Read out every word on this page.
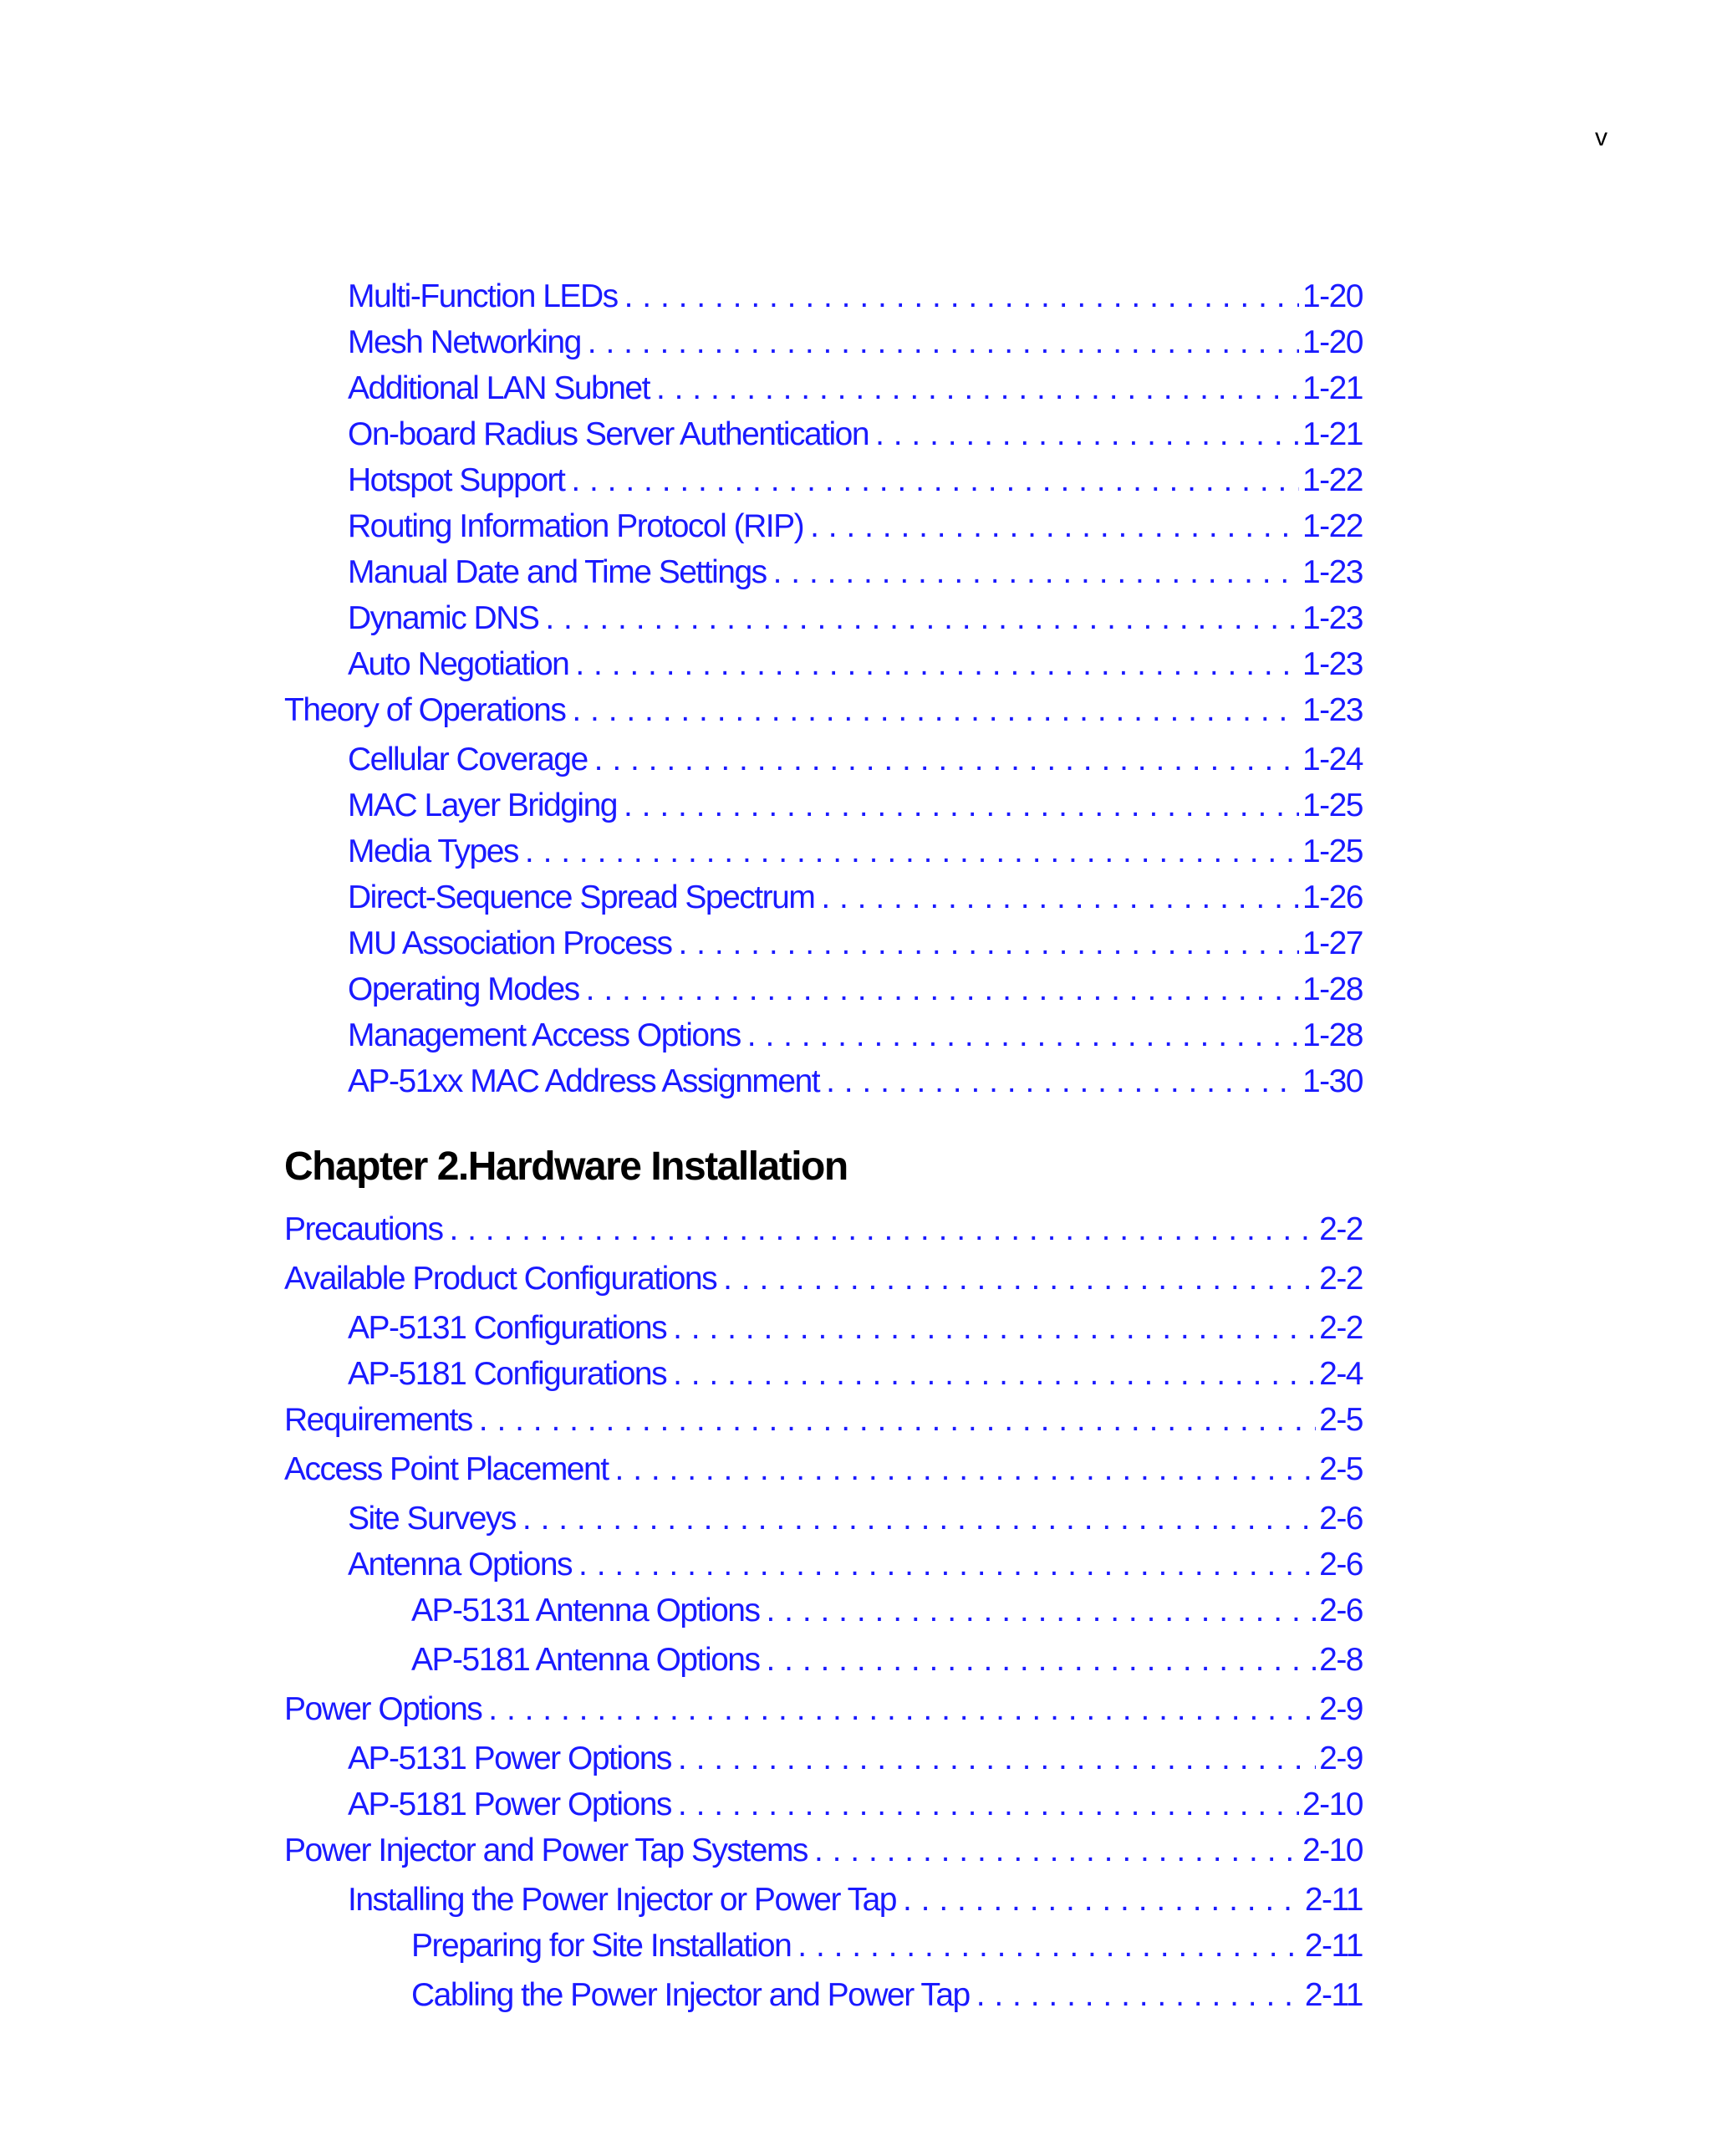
v
Multi-Function LEDs . . .	1-20
Mesh Networking . . .	1-20
Additional LAN Subnet . . .	1-21
On-board Radius Server Authentication . . .	1-21
Hotspot Support . . .	1-22
Routing Information Protocol (RIP) . . .	1-22
Manual Date and Time Settings . . .	1-23
Dynamic DNS . . .	1-23
Auto Negotiation . . .	1-23
Theory of Operations . . .	1-23
Cellular Coverage . . .	1-24
MAC Layer Bridging . . .	1-25
Media Types . . .	1-25
Direct-Sequence Spread Spectrum . . .	1-26
MU Association Process . . .	1-27
Operating Modes . . .	1-28
Management Access Options . . .	1-28
AP-51xx MAC Address Assignment . . .	1-30
Chapter 2.Hardware Installation
Precautions . . .	2-2
Available Product Configurations . . .	2-2
AP-5131 Configurations . . .	2-2
AP-5181 Configurations . . .	2-4
Requirements . . .	2-5
Access Point Placement . . .	2-5
Site Surveys . . .	2-6
Antenna Options . . .	2-6
AP-5131 Antenna Options . . .	2-6
AP-5181 Antenna Options . . .	2-8
Power Options . . .	2-9
AP-5131 Power Options . . .	2-9
AP-5181 Power Options . . .	2-10
Power Injector and Power Tap Systems . . .	2-10
Installing the Power Injector or Power Tap . . .	2-11
Preparing for Site Installation . . .	2-11
Cabling the Power Injector and Power Tap . . .	2-11
